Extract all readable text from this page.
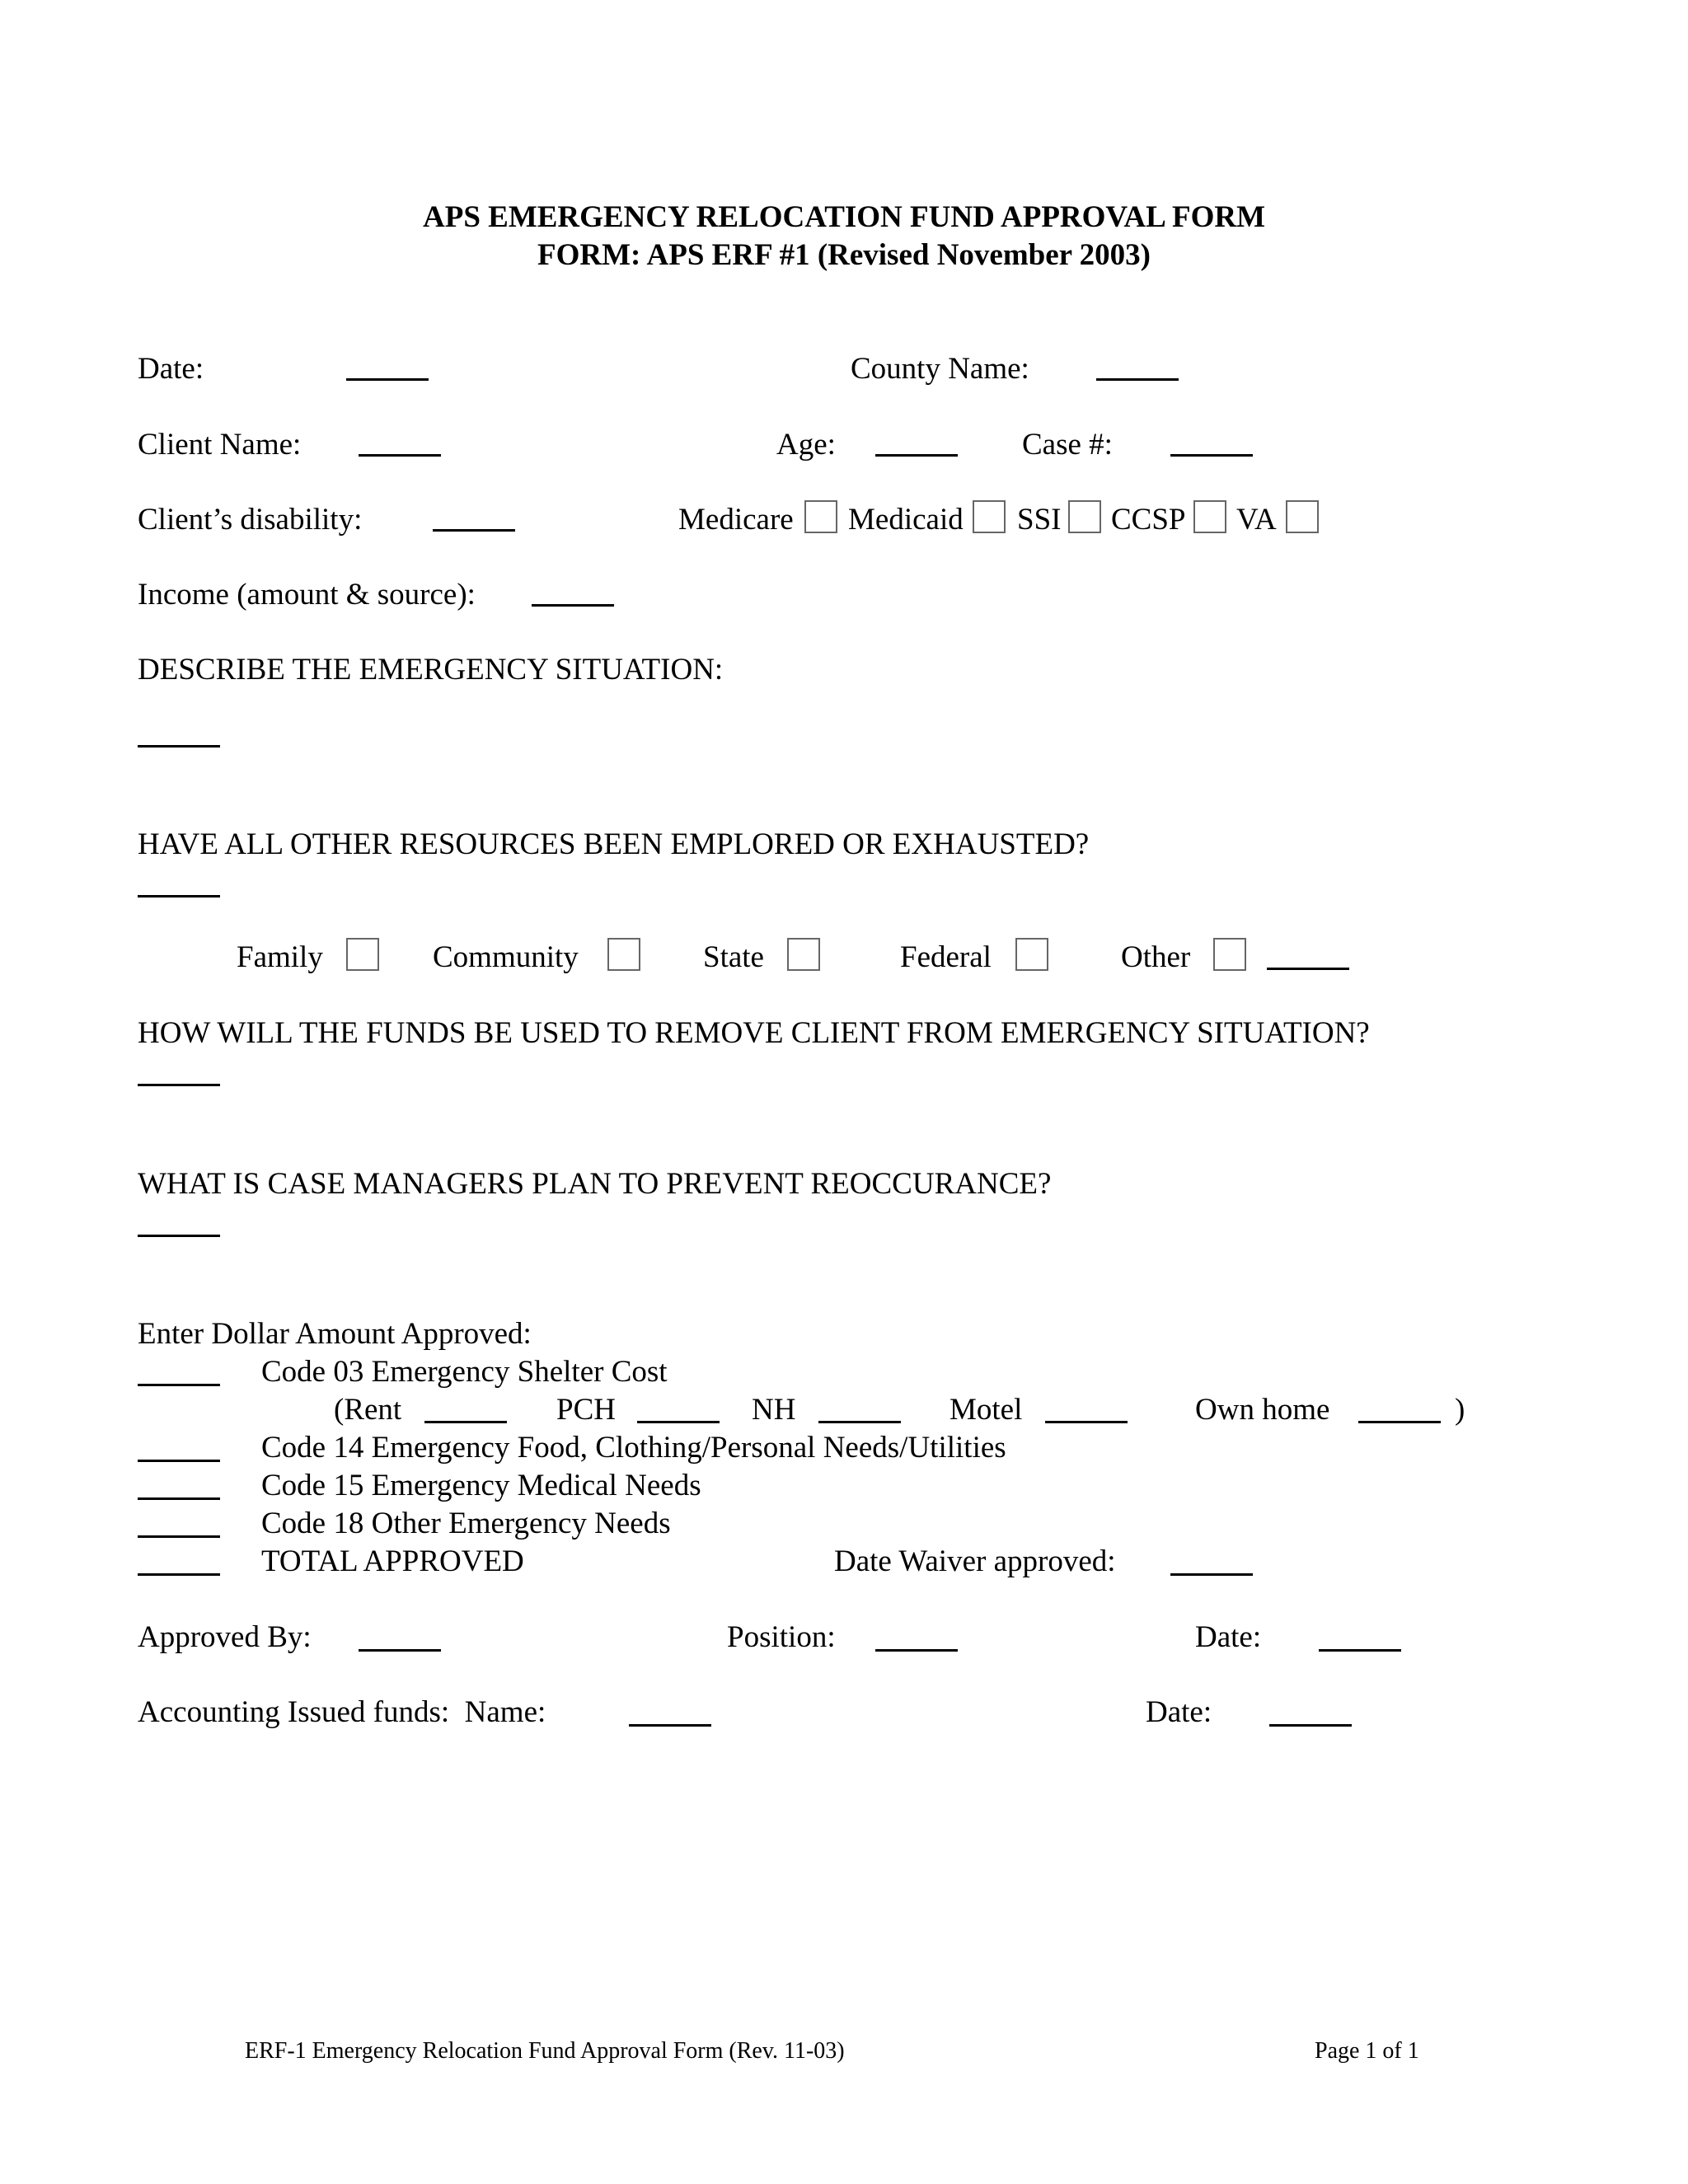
APS EMERGENCY RELOCATION FUND APPROVAL FORM
FORM: APS ERF #1 (Revised November 2003)
Date:	County Name:
Client Name:	Age:	Case #:
Client’s disability:	Medicare Medicaid SSI CCSP VA
Income (amount & source):
DESCRIBE THE EMERGENCY SITUATION:
HAVE ALL OTHER RESOURCES BEEN EMPLORED OR EXHAUSTED?
Family	Community	State	Federal	Other
HOW WILL THE FUNDS BE USED TO REMOVE CLIENT FROM EMERGENCY SITUATION?
WHAT IS CASE MANAGERS PLAN TO PREVENT REOCCURANCE?
Enter Dollar Amount Approved:
Code 03 Emergency Shelter Cost
(Rent	PCH	NH	Motel	Own home	)
Code 14 Emergency Food, Clothing/Personal Needs/Utilities
Code 15 Emergency Medical Needs
Code 18 Other Emergency Needs
TOTAL APPROVED	Date Waiver approved:
Approved By:	Position:	Date:
Accounting Issued funds:  Name:	Date:
ERF-1 Emergency Relocation Fund Approval Form (Rev. 11-03)	Page 1 of 1
